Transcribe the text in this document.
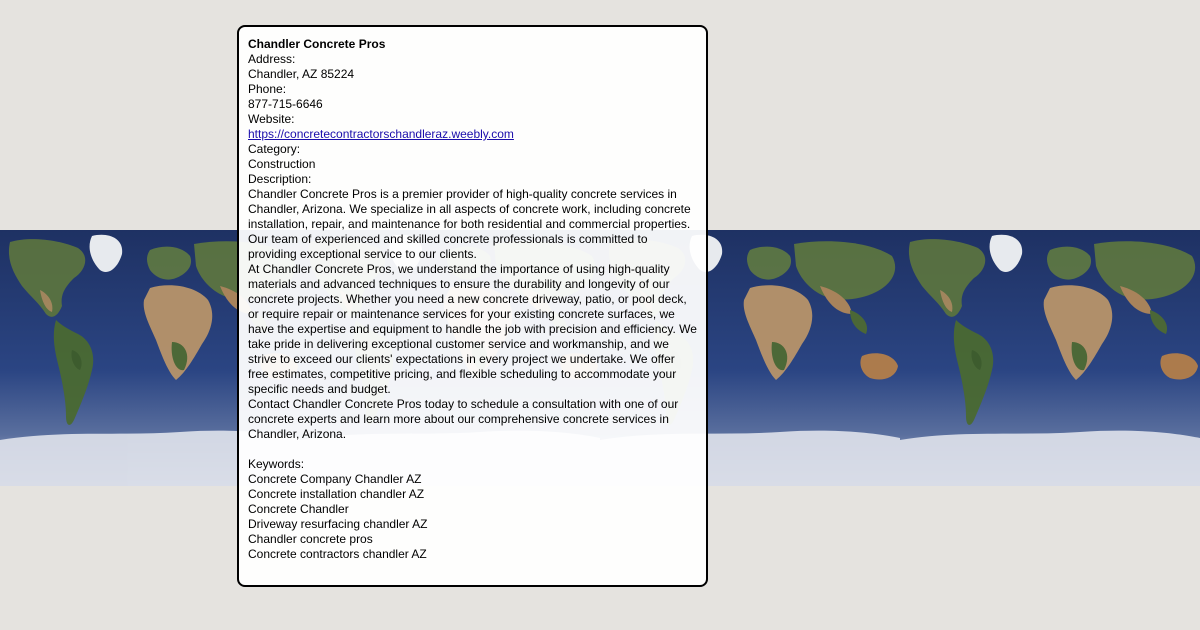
Chandler Concrete Pros
Address:
Chandler, AZ 85224
Phone:
877-715-6646
Website:
https://concretecontractorschandleraz.weebly.com
Category:
Construction
Description:
Chandler Concrete Pros is a premier provider of high-quality concrete services in Chandler, Arizona. We specialize in all aspects of concrete work, including concrete installation, repair, and maintenance for both residential and commercial properties. Our team of experienced and skilled concrete professionals is committed to providing exceptional service to our clients.
At Chandler Concrete Pros, we understand the importance of using high-quality materials and advanced techniques to ensure the durability and longevity of our concrete projects. Whether you need a new concrete driveway, patio, or pool deck, or require repair or maintenance services for your existing concrete surfaces, we have the expertise and equipment to handle the job with precision and efficiency. We take pride in delivering exceptional customer service and workmanship, and we strive to exceed our clients' expectations in every project we undertake. We offer free estimates, competitive pricing, and flexible scheduling to accommodate your specific needs and budget.
Contact Chandler Concrete Pros today to schedule a consultation with one of our concrete experts and learn more about our comprehensive concrete services in Chandler, Arizona.
Keywords:
Concrete Company Chandler AZ
Concrete installation chandler AZ
Concrete Chandler
Driveway resurfacing chandler AZ
Chandler concrete pros
Concrete contractors chandler AZ
